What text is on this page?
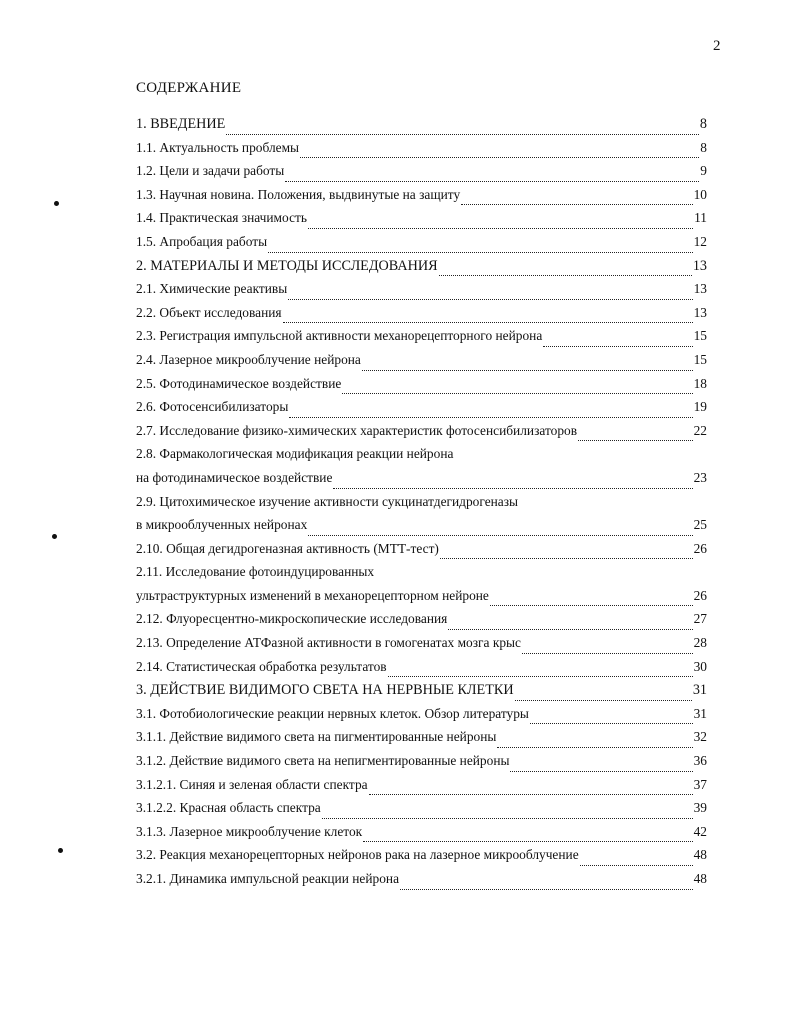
2
СОДЕРЖАНИЕ
1. ВВЕДЕНИЕ	8
1.1. Актуальность проблемы	8
1.2. Цели и задачи работы	9
1.3. Научная новина. Положения, выдвинутые на защиту	10
1.4. Практическая значимость	11
1.5. Апробация работы	12
2. МАТЕРИАЛЫ И МЕТОДЫ ИССЛЕДОВАНИЯ	13
2.1. Химические реактивы	13
2.2. Объект исследования	13
2.3. Регистрация импульсной активности механорецепторного нейрона	15
2.4. Лазерное микрооблучение нейрона	15
2.5. Фотодинамическое воздействие	18
2.6. Фотосенсибилизаторы	19
2.7. Исследование физико-химических характеристик фотосенсибилизаторов	22
2.8. Фармакологическая модификация реакции нейрона
на фотодинамическое воздействие	23
2.9. Цитохимическое изучение активности сукцинатдегидрогеназы
в микрооблученных нейронах	25
2.10. Общая дегидрогеназная активность (МТТ-тест)	26
2.11. Исследование фотоиндуцированных
ультраструктурных изменений в механорецепторном нейроне	26
2.12. Флуоресцентно-микроскопические исследования	27
2.13. Определение АТФазной активности в гомогенатах мозга крыс	28
2.14. Статистическая обработка результатов	30
3. ДЕЙСТВИЕ ВИДИМОГО СВЕТА НА НЕРВНЫЕ КЛЕТКИ	31
3.1. Фотобиологические реакции нервных клеток. Обзор литературы	31
3.1.1. Действие видимого света на пигментированные нейроны	32
3.1.2. Действие видимого света на непигментированные нейроны	36
3.1.2.1. Синяя и зеленая области спектра	37
3.1.2.2. Красная область спектра	39
3.1.3. Лазерное микрооблучение клеток	42
3.2. Реакция механорецепторных нейронов рака на лазерное микрооблучение	48
3.2.1. Динамика импульсной реакции нейрона	48
